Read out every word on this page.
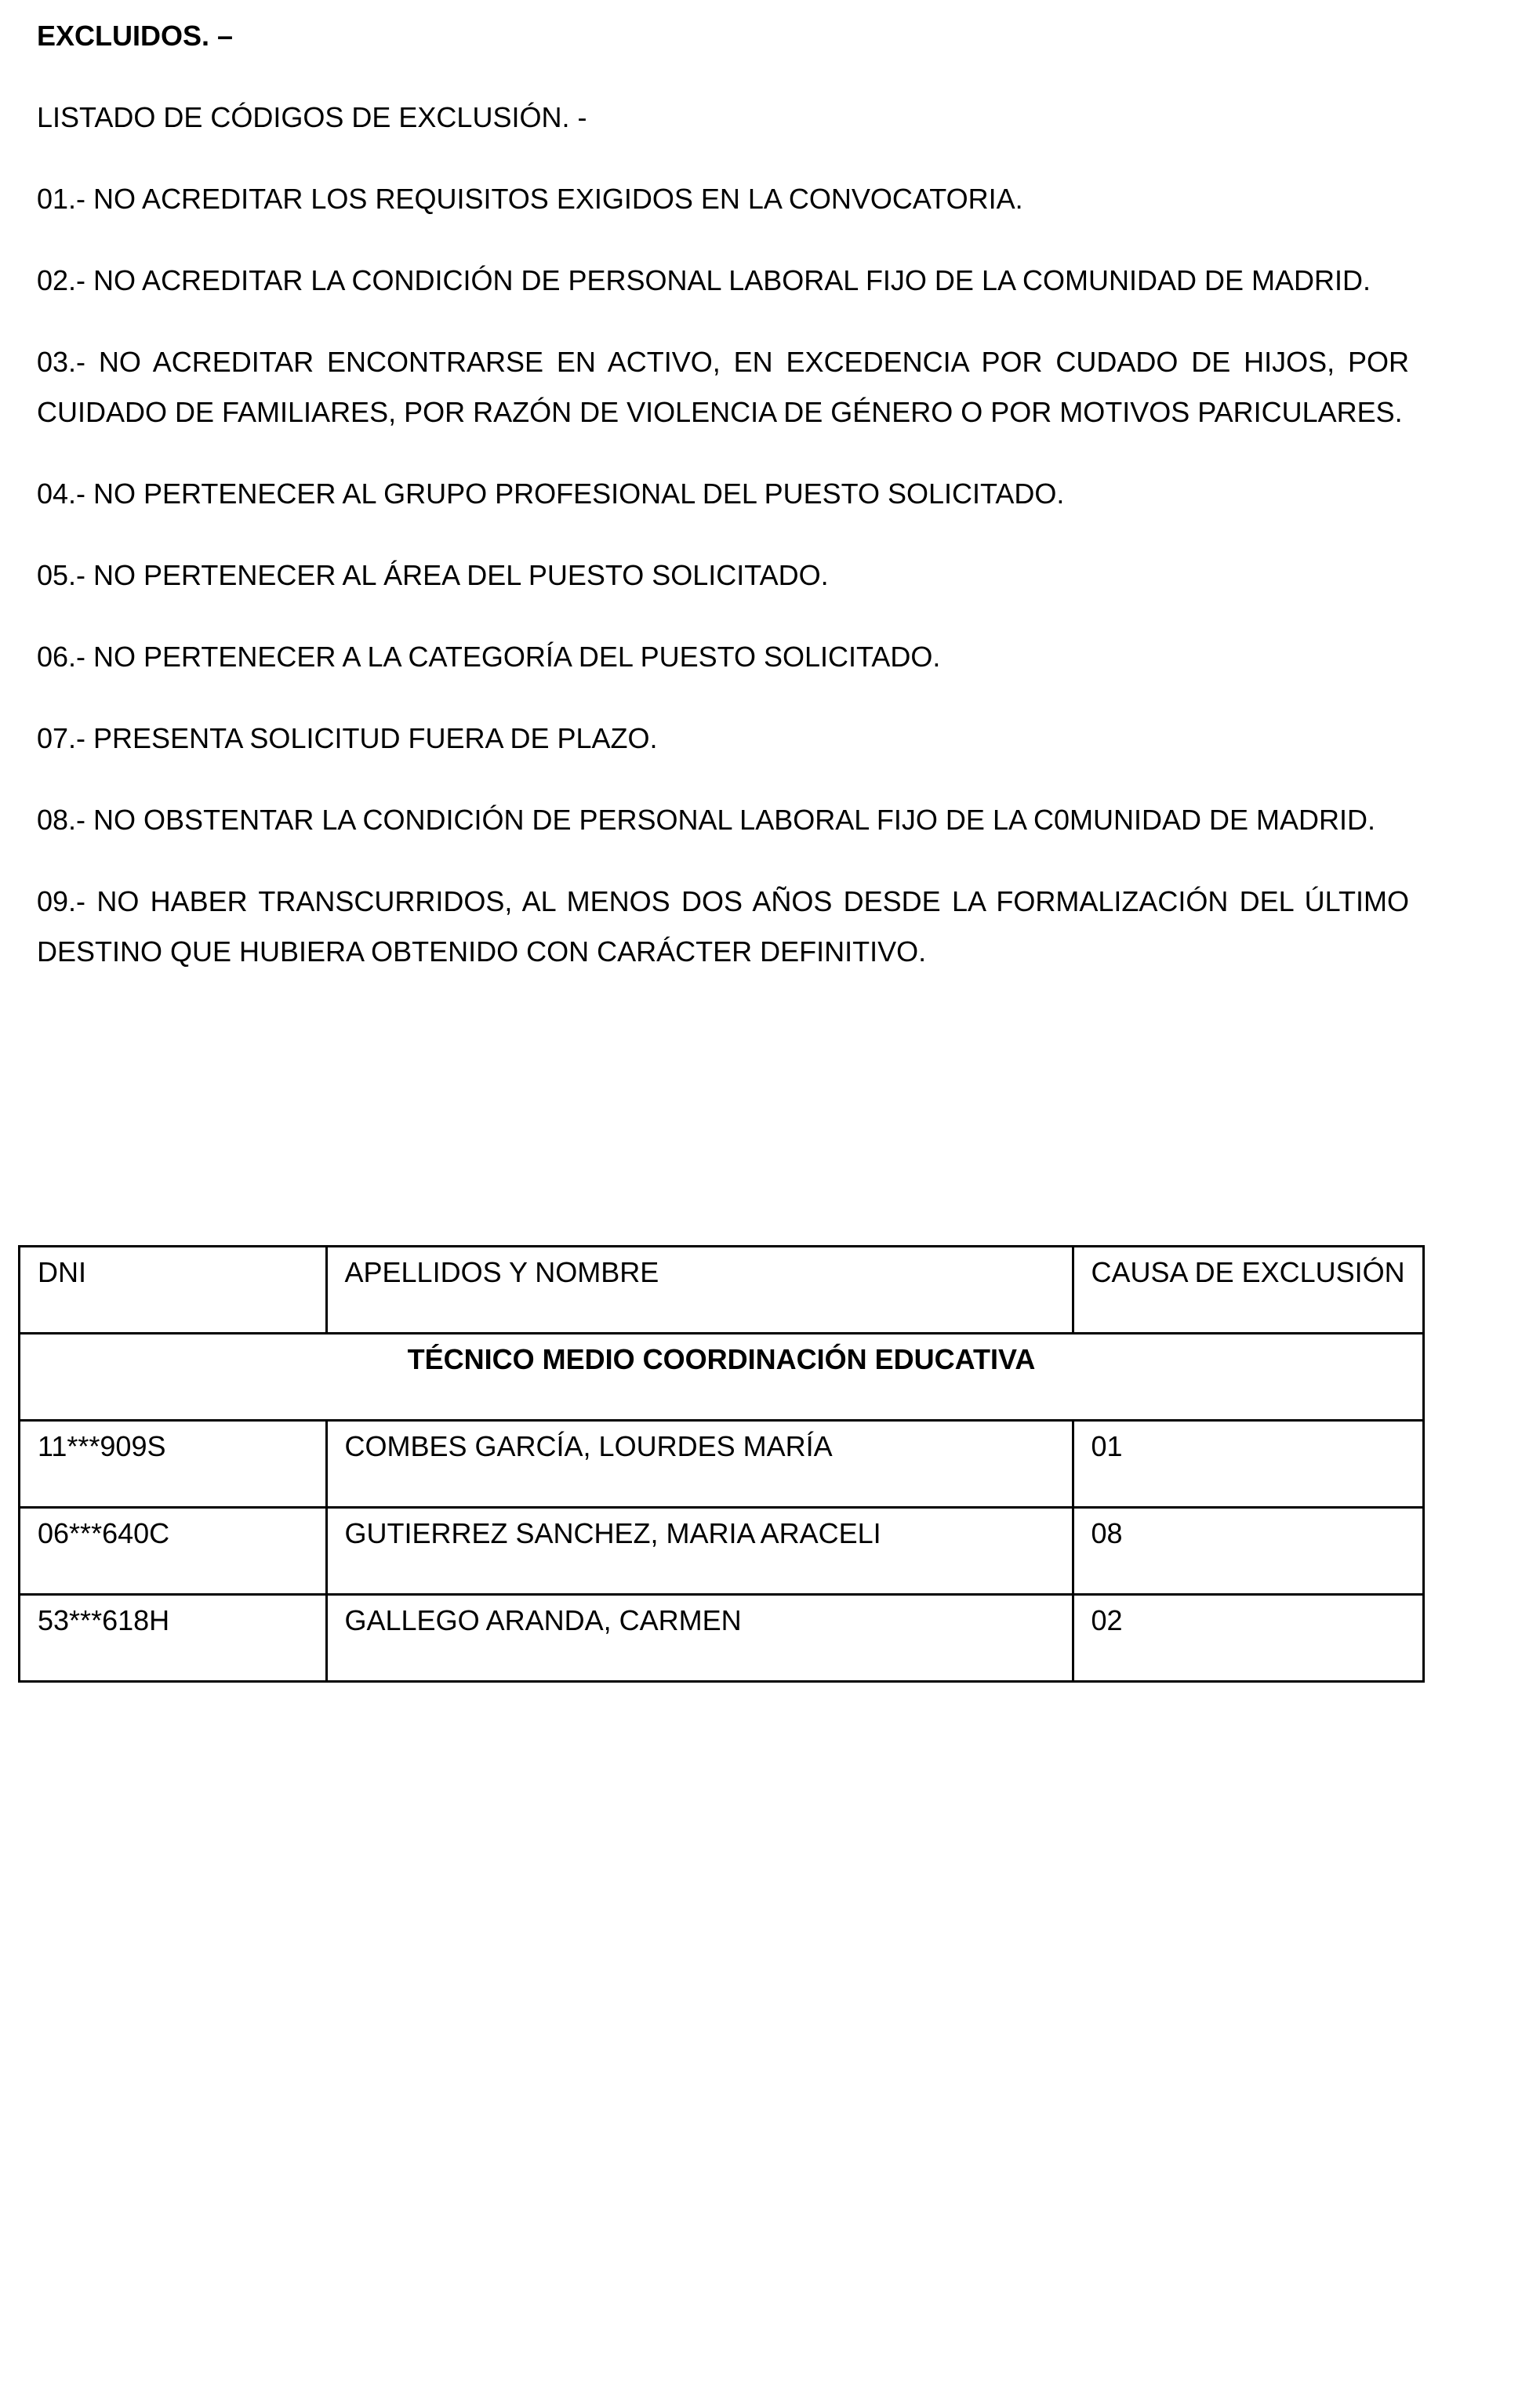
EXCLUIDOS. –
LISTADO DE CÓDIGOS DE EXCLUSIÓN. -
01.- NO ACREDITAR LOS REQUISITOS EXIGIDOS EN LA CONVOCATORIA.
02.- NO ACREDITAR LA CONDICIÓN DE PERSONAL LABORAL FIJO DE LA COMUNIDAD DE MADRID.
03.- NO ACREDITAR ENCONTRARSE EN ACTIVO, EN EXCEDENCIA POR CUDADO DE HIJOS, POR CUIDADO DE FAMILIARES, POR RAZÓN DE VIOLENCIA DE GÉNERO O POR MOTIVOS PARICULARES.
04.- NO PERTENECER AL GRUPO PROFESIONAL DEL PUESTO SOLICITADO.
05.- NO PERTENECER AL ÁREA DEL PUESTO SOLICITADO.
06.- NO PERTENECER A LA CATEGORÍA DEL PUESTO SOLICITADO.
07.- PRESENTA SOLICITUD FUERA DE PLAZO.
08.- NO OBSTENTAR LA CONDICIÓN DE PERSONAL LABORAL FIJO DE LA C0MUNIDAD DE MADRID.
09.- NO HABER TRANSCURRIDOS, AL MENOS DOS AÑOS DESDE LA FORMALIZACIÓN DEL ÚLTIMO DESTINO QUE HUBIERA OBTENIDO CON CARÁCTER DEFINITIVO.
DNI	APELLIDOS Y NOMBRE	CAUSA DE EXCLUSIÓN
TÉCNICO MEDIO COORDINACIÓN EDUCATIVA		
11***909S	COMBES GARCÍA, LOURDES MARÍA	01
06***640C	GUTIERREZ SANCHEZ, MARIA ARACELI	08
53***618H	GALLEGO ARANDA, CARMEN	02
